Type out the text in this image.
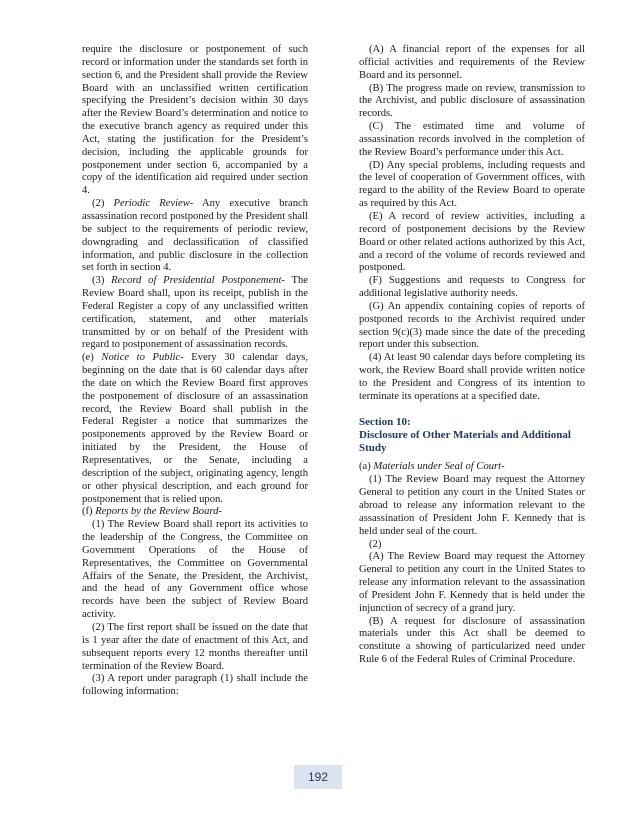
require the disclosure or postponement of such record or information under the standards set forth in section 6, and the President shall provide the Review Board with an unclassified written certification specifying the President’s decision within 30 days after the Review Board’s determination and notice to the executive branch agency as required under this Act, stating the justification for the President’s decision, including the applicable grounds for postponement under section 6, accompanied by a copy of the identification aid required under section 4.

(2) Periodic Review- Any executive branch assassination record postponed by the President shall be subject to the requirements of periodic review, downgrading and declassification of classified information, and public disclosure in the collection set forth in section 4.

(3) Record of Presidential Postponement- The Review Board shall, upon its receipt, publish in the Federal Register a copy of any unclassified written certification, statement, and other materials transmitted by or on behalf of the President with regard to postponement of assassination records.

(e) Notice to Public- Every 30 calendar days, beginning on the date that is 60 calendar days after the date on which the Review Board first approves the postponement of disclosure of an assassination record, the Review Board shall publish in the Federal Register a notice that summarizes the postponements approved by the Review Board or initiated by the President, the House of Representatives, or the Senate, including a description of the subject, originating agency, length or other physical description, and each ground for postponement that is relied upon.

(f) Reports by the Review Board-

(1) The Review Board shall report its activities to the leadership of the Congress, the Committee on Government Operations of the House of Representatives, the Committee on Governmental Affairs of the Senate, the President, the Archivist, and the head of any Government office whose records have been the subject of Review Board activity.

(2) The first report shall be issued on the date that is 1 year after the date of enactment of this Act, and subsequent reports every 12 months thereafter until termination of the Review Board.

(3) A report under paragraph (1) shall include the following information:

(A) A financial report of the expenses for all official activities and requirements of the Review Board and its personnel.

(B) The progress made on review, transmission to the Archivist, and public disclosure of assassination records.

(C) The estimated time and volume of assassination records involved in the completion of the Review Board’s performance under this Act.

(D) Any special problems, including requests and the level of cooperation of Government offices, with regard to the ability of the Review Board to operate as required by this Act.

(E) A record of review activities, including a record of postponement decisions by the Review Board or other related actions authorized by this Act, and a record of the volume of records reviewed and postponed.

(F) Suggestions and requests to Congress for additional legislative authority needs.

(G) An appendix containing copies of reports of postponed records to the Archivist required under section 9(c)(3) made since the date of the preceding report under this subsection.

(4) At least 90 calendar days before completing its work, the Review Board shall provide written notice to the President and Congress of its intention to terminate its operations at a specified date.

Section 10:

Disclosure of Other Materials and Additional Study

(a) Materials under Seal of Court-

(1) The Review Board may request the Attorney General to petition any court in the United States or abroad to release any information relevant to the assassination of President John F. Kennedy that is held under seal of the court.

(2)

(A) The Review Board may request the Attorney General to petition any court in the United States to release any information relevant to the assassination of President John F. Kennedy that is held under the injunction of secrecy of a grand jury.

(B) A request for disclosure of assassination materials under this Act shall be deemed to constitute a showing of particularized need under Rule 6 of the Federal Rules of Criminal Procedure.

192
